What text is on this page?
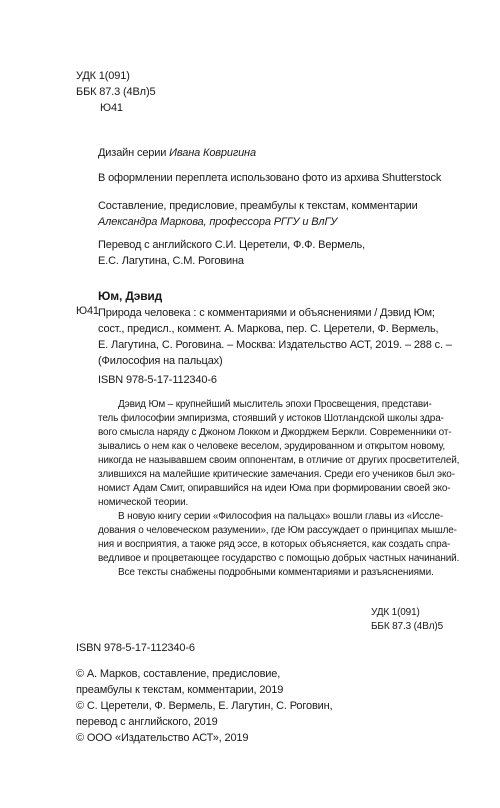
УДК 1(091)
ББК 87.3 (4Вл)5
Ю41
Дизайн серии Ивана Ковригина
В оформлении переплета использовано фото из архива Shutterstock
Составление, предисловие, преамбулы к текстам, комментарии
Александра Маркова, профессора РГГУ и ВлГУ
Перевод с английского С.И. Церетели, Ф.Ф. Вермель,
Е.С. Лагутина, С.М. Роговина
Юм, Дэвид
Ю41 Природа человека : с комментариями и объяснениями / Дэвид Юм;
сост., предисл., коммент. А. Маркова, пер. С. Церетели, Ф. Вермель,
Е. Лагутина, С. Роговина. – Москва: Издательство АСТ, 2019. – 288 с. –
(Философия на пальцах)
ISBN 978-5-17-112340-6
Дэвид Юм – крупнейший мыслитель эпохи Просвещения, представи-
тель философии эмпиризма, стоявший у истоков Шотландской школы здра-
вого смысла наряду с Джоном Локком и Джорджем Беркли. Современники от-
зывались о нем как о человеке веселом, эрудированном и открытом новому,
никогда не называвшем своим оппонентам, в отличие от других просветителей,
злившихся на малейшие критические замечания. Среди его учеников был эко-
номист Адам Смит, опиравшийся на идеи Юма при формировании своей эко-
номической теории.
В новую книгу серии «Философия на пальцах» вошли главы из «Иссле-
дования о человеческом разумении», где Юм рассуждает о принципах мышле-
ния и восприятия, а также ряд эссе, в которых объясняется, как создать спра-
ведливое и процветающее государство с помощью добрых частных начинаний.
Все тексты снабжены подробными комментариями и разъяснениями.
УДК 1(091)
ББК 87.3 (4Вл)5
ISBN 978-5-17-112340-6
© А. Марков, составление, предисловие,
преамбулы к текстам, комментарии, 2019
© С. Церетели, Ф. Вермель, Е. Лагутин, С. Роговин,
перевод с английского, 2019
© ООО «Издательство АСТ», 2019
